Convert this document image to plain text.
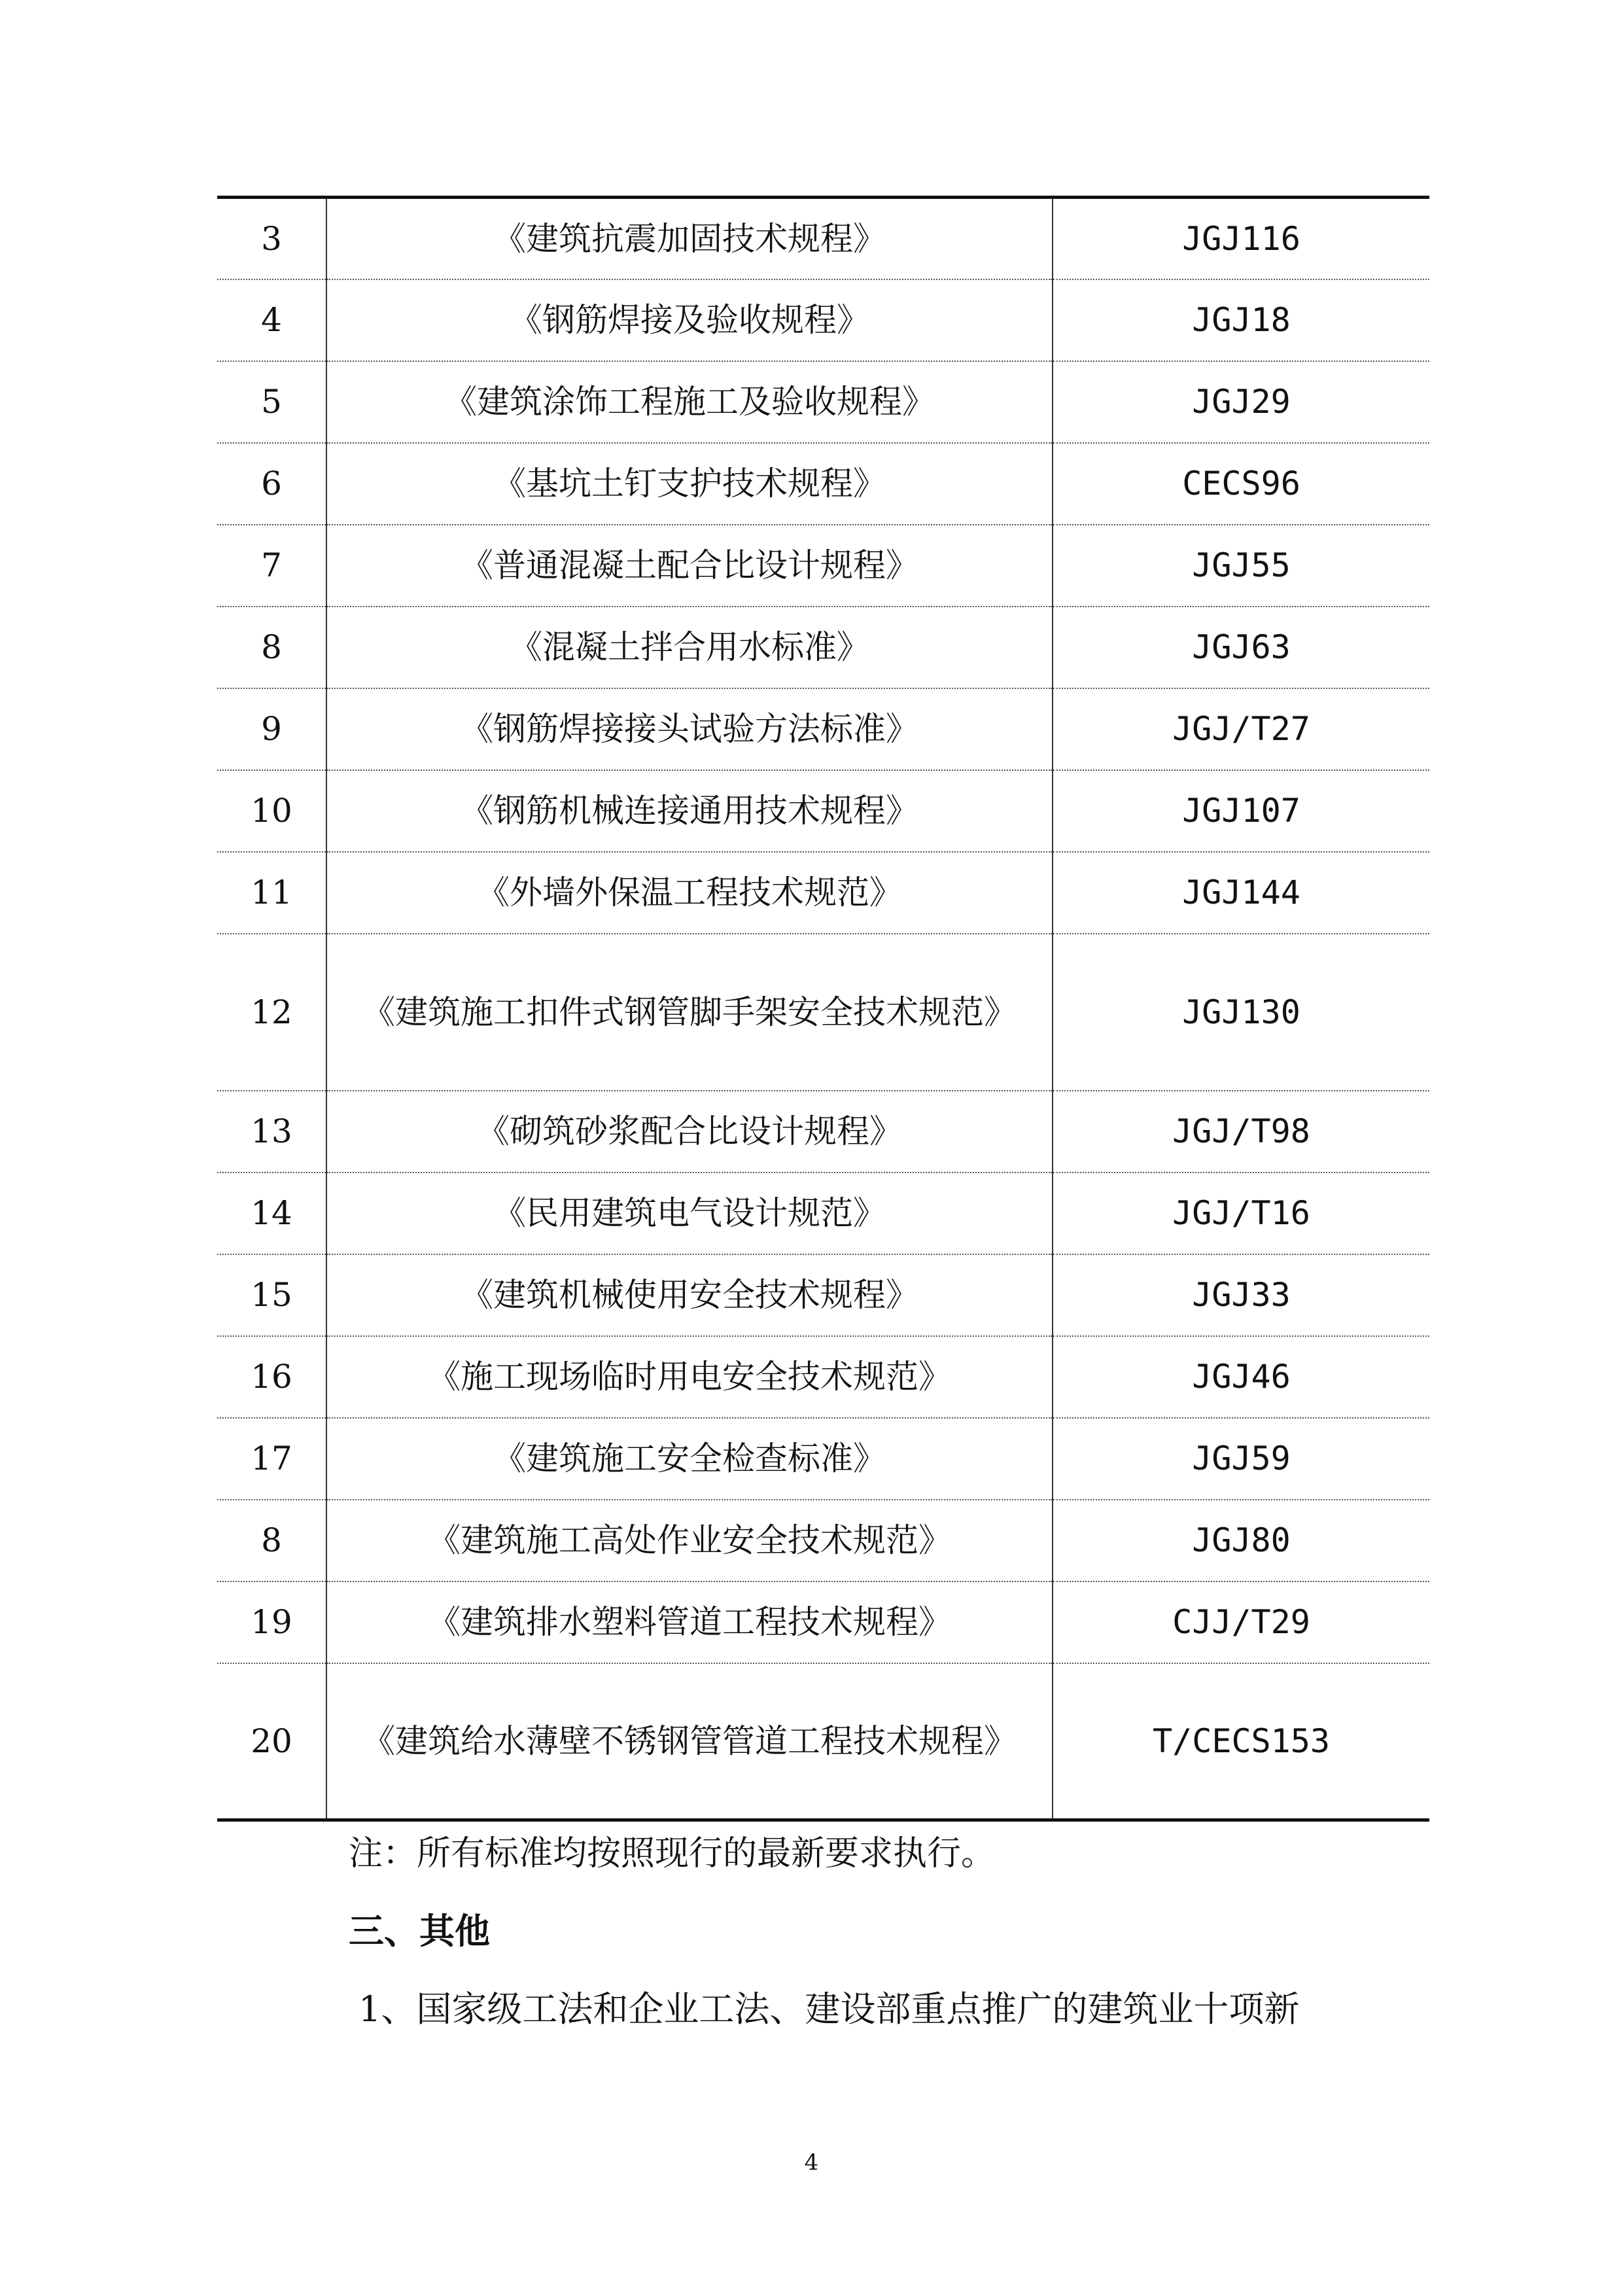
3	《建筑抗震加固技术规程》	JGJ116
4	《钢筋焊接及验收规程》	JGJ18
5	《建筑涂饰工程施工及验收规程》	JGJ29
6	《基坑土钉支护技术规程》	CECS96
7	《普通混凝土配合比设计规程》	JGJ55
8	《混凝土拌合用水标准》	JGJ63
9	《钢筋焊接接头试验方法标准》	JGJ/T27
10	《钢筋机械连接通用技术规程》	JGJ107
11	《外墙外保温工程技术规范》	JGJ144
12	《建筑施工扣件式钢管脚手架安全技术规范》	JGJ130
13	《砌筑砂浆配合比设计规程》	JGJ/T98
14	《民用建筑电气设计规范》	JGJ/T16
15	《建筑机械使用安全技术规程》	JGJ33
16	《施工现场临时用电安全技术规范》	JGJ46
17	《建筑施工安全检查标准》	JGJ59
8	《建筑施工高处作业安全技术规范》	JGJ80
19	《建筑排水塑料管道工程技术规程》	CJJ/T29
20	《建筑给水薄壁不锈钢管管道工程技术规程》	T/CECS153
注：所有标准均按照现行的最新要求执行。
三、其他
1、国家级工法和企业工法、建设部重点推广的建筑业十项新
4
